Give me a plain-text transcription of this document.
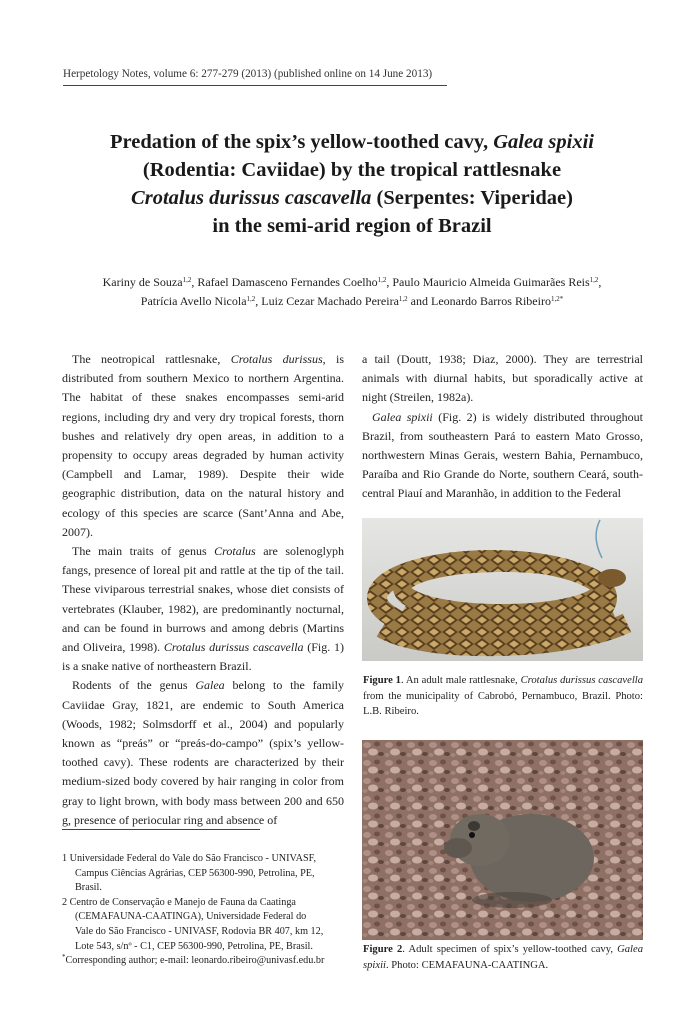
Herpetology Notes, volume 6: 277-279 (2013) (published online on 14 June 2013)
Predation of the spix’s yellow-toothed cavy, Galea spixii
(Rodentia: Caviidae) by the tropical rattlesnake
Crotalus durissus cascavella (Serpentes: Viperidae)
in the semi-arid region of Brazil
Kariny de Souza$^{1,2}$, Rafael Damasceno Fernandes Coelho$^{1,2}$, Paulo Mauricio Almeida Guimarães Reis$^{1,2}$,
Patrícia Avello Nicola$^{1,2}$, Luiz Cezar Machado Pereira$^{1,2}$ and Leonardo Barros Ribeiro$^{1,2*}$

The neotropical rattlesnake, Crotalus durissus, is distributed from southern Mexico to northern Argentina. The habitat of these snakes encompasses semi-arid regions, including dry and very dry tropical forests, thorn bushes and relatively dry open areas, in addition to a propensity to occupy areas degraded by human activity (Campbell and Lamar, 1989). Despite their wide geographic distribution, data on the natural history and ecology of this species are scarce (Sant’Anna and Abe, 2007).

The main traits of genus Crotalus are solenoglyph fangs, presence of loreal pit and rattle at the tip of the tail. These viviparous terrestrial snakes, whose diet consists of vertebrates (Klauber, 1982), are predominantly nocturnal, and can be found in burrows and among debris (Martins and Oliveira, 1998). Crotalus durissus cascavella (Fig. 1) is a snake native of northeastern Brazil.

Rodents of the genus Galea belong to the family Caviidae Gray, 1821, are endemic to South America (Woods, 1982; Solmsdorff et al., 2004) and popularly known as “preás” or “preás-do-campo” (spix’s yellow-toothed cavy). These rodents are characterized by their medium-sized body covered by hair ranging in color from gray to light brown, with body mass between 200 and 650 g, presence of periocular ring and absence of

a tail (Doutt, 1938; Diaz, 2000). They are terrestrial animals with diurnal habits, but sporadically active at night (Streilen, 1982a).

Galea spixii (Fig. 2) is widely distributed throughout Brazil, from southeastern Pará to eastern Mato Grosso, northwestern Minas Gerais, western Bahia, Pernambuco, Paraíba and Rio Grande do Norte, southern Ceará, south-central Piauí and Maranhão, in addition to the Federal

Figure 1. An adult male rattlesnake, Crotalus durissus cascavella from the municipality of Cabrobó, Pernambuco, Brazil. Photo: L.B. Ribeiro.
Figure 2. Adult specimen of spix’s yellow-toothed cavy, Galea spixii. Photo: CEMAFAUNA-CAATINGA.
1 Universidade Federal do Vale do São Francisco - UNIVASF,
Campus Ciências Agrárias, CEP 56300-990, Petrolina, PE,
Brasil.
2 Centro de Conservação e Manejo de Fauna da Caatinga
(CEMAFAUNA-CAATINGA), Universidade Federal do
Vale do São Francisco - UNIVASF, Rodovia BR 407, km 12,
Lote 543, s/nº - C1, CEP 56300-990, Petrolina, PE, Brasil.
*Corresponding author; e-mail: leonardo.ribeiro@univasf.edu.br
